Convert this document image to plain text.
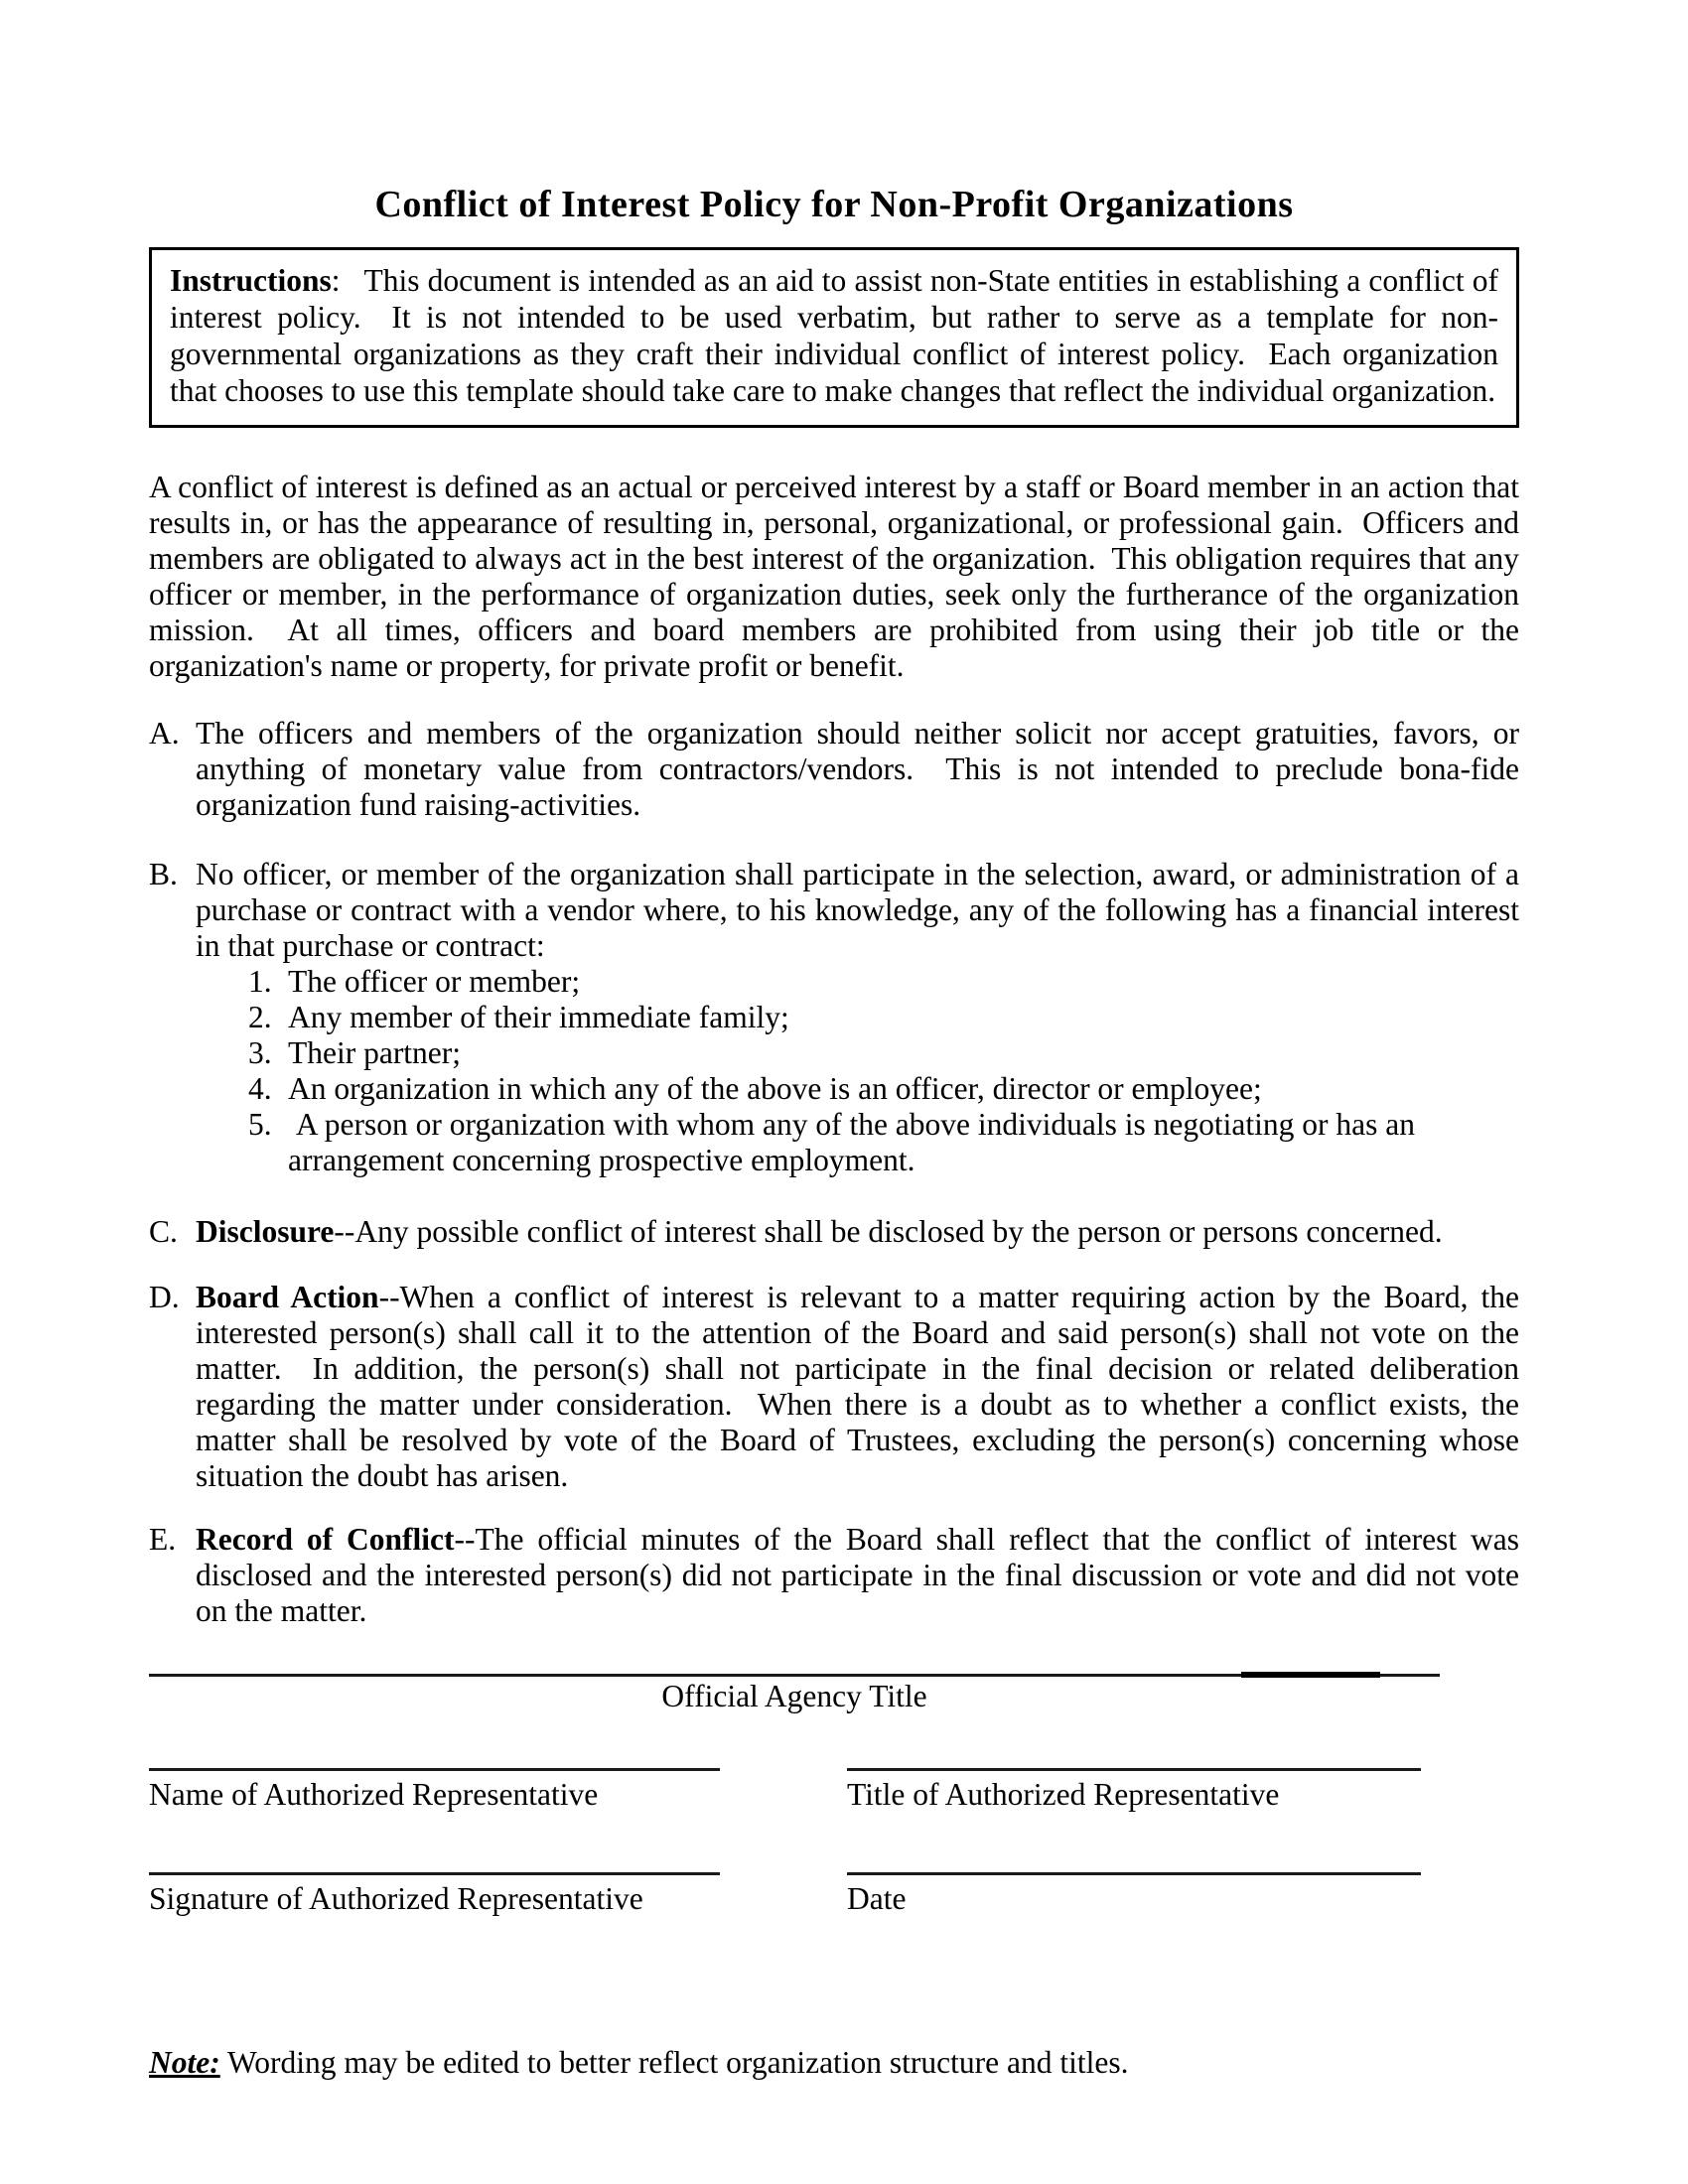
Conflict of Interest Policy for Non-Profit Organizations
Instructions:   This document is intended as an aid to assist non-State entities in establishing a conflict of interest policy.  It is not intended to be used verbatim, but rather to serve as a template for non-governmental organizations as they craft their individual conflict of interest policy.  Each organization that chooses to use this template should take care to make changes that reflect the individual organization.

A conflict of interest is defined as an actual or perceived interest by a staff or Board member in an action that results in, or has the appearance of resulting in, personal, organizational, or professional gain.  Officers and members are obligated to always act in the best interest of the organization.  This obligation requires that any officer or member, in the performance of organization duties, seek only the furtherance of the organization mission.  At all times, officers and board members are prohibited from using their job title or the organization's name or property, for private profit or benefit.

A. The officers and members of the organization should neither solicit nor accept gratuities, favors, or anything of monetary value from contractors/vendors.  This is not intended to preclude bona-fide organization fund raising-activities.
B. No officer, or member of the organization shall participate in the selection, award, or administration of a purchase or contract with a vendor where, to his knowledge, any of the following has a financial interest in that purchase or contract:
1. The officer or member;
2. Any member of their immediate family;
3. Their partner;
4. An organization in which any of the above is an officer, director or employee;
5. A person or organization with whom any of the above individuals is negotiating or has an arrangement concerning prospective employment.
C. Disclosure--Any possible conflict of interest shall be disclosed by the person or persons concerned.
D. Board Action--When a conflict of interest is relevant to a matter requiring action by the Board, the interested person(s) shall call it to the attention of the Board and said person(s) shall not vote on the matter.  In addition, the person(s) shall not participate in the final decision or related deliberation regarding the matter under consideration.  When there is a doubt as to whether a conflict exists, the matter shall be resolved by vote of the Board of Trustees, excluding the person(s) concerning whose situation the doubt has arisen.
E. Record of Conflict--The official minutes of the Board shall reflect that the conflict of interest was disclosed and the interested person(s) did not participate in the final discussion or vote and did not vote on the matter.
Official Agency Title
Name of Authorized Representative	Title of Authorized Representative
Signature of Authorized Representative	Date
Note: Wording may be edited to better reflect organization structure and titles.
